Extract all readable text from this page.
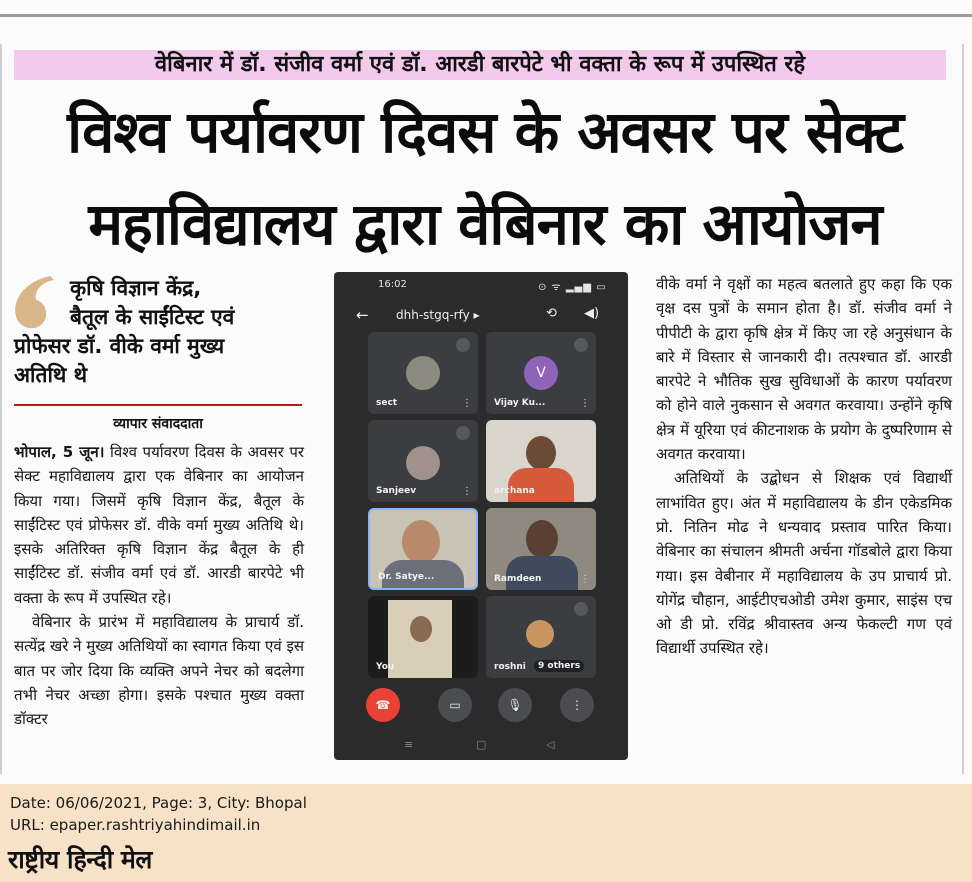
वेबिनार में डॉ. संजीव वर्मा एवं डॉ. आरडी बारपेटे भी वक्ता के रूप में उपस्थित रहे
विश्व पर्यावरण दिवस के अवसर पर सेक्ट
महाविद्यालय द्वारा वेबिनार का आयोजन
कृषि विज्ञान केंद्र,
बैतूल के साईंटिस्ट एवं
प्रोफेसर डॉ. वीके वर्मा मुख्य
अतिथि थे
व्यापार संवाददाता

भोपाल, 5 जून। विश्व पर्यावरण दिवस के अवसर पर सेक्ट महाविद्यालय द्वारा एक वेबिनार का आयोजन किया गया। जिसमें कृषि विज्ञान केंद्र, बैतूल के साईंटिस्ट एवं प्रोफेसर डॉ. वीके वर्मा मुख्य अतिथि थे। इसके अतिरिक्त कृषि विज्ञान केंद्र बैतूल के ही साईंटिस्ट डॉ. संजीव वर्मा एवं डॉ. आरडी बारपेटे भी वक्ता के रूप में उपस्थित रहे।

वेबिनार के प्रारंभ में महाविद्यालय के प्राचार्य डॉ. सत्येंद्र खरे ने मुख्य अतिथियों का स्वागत किया एवं इस बात पर जोर दिया कि व्यक्ति अपने नेचर को बदलेगा तभी नेचर अच्छा होगा। इसके पश्चात मुख्य वक्ता डॉक्टर

16:02	⊙ ᯤ ▂▄▆ ▭
← dhh-stgq-rfy ▸	⟲ ◀)
sect	⋮
V
Vijay Ku...	⋮
Sanjeev	⋮ archana	⋮
Dr. Satye...	⋮	Ramdeen	⋮
You	roshni	9 others
☎	▭	🎙	⋮
≡	▢	◁

वीके वर्मा ने वृक्षों का महत्व बतलाते हुए कहा कि एक वृक्ष दस पुत्रों के समान होता है। डॉ. संजीव वर्मा ने पीपीटी के द्वारा कृषि क्षेत्र में किए जा रहे अनुसंधान के बारे में विस्तार से जानकारी दी। तत्पश्चात डॉ. आरडी बारपेटे ने भौतिक सुख सुविधाओं के कारण पर्यावरण को होने वाले नुकसान से अवगत करवाया। उन्होंने कृषि क्षेत्र में यूरिया एवं कीटनाशक के प्रयोग के दुष्परिणाम से अवगत करवाया।

अतिथियों के उद्बोधन से शिक्षक एवं विद्यार्थी लाभांवित हुए। अंत में महाविद्यालय के डीन एकेडमिक प्रो. नितिन मोढ ने धन्यवाद प्रस्ताव पारित किया। वेबिनार का संचालन श्रीमती अर्चना गॉडबोले द्वारा किया गया। इस वेबीनार में महाविद्यालय के उप प्राचार्य प्रो. योगेंद्र चौहान, आईटीएचओडी उमेश कुमार, साइंस एच ओ डी प्रो. रविंद्र श्रीवास्तव अन्य फेकल्टी गण एवं विद्यार्थी उपस्थित रहे।

Date: 06/06/2021, Page: 3, City: Bhopal
URL: epaper.rashtriyahindimail.in
राष्ट्रीय हिन्दी मेल
